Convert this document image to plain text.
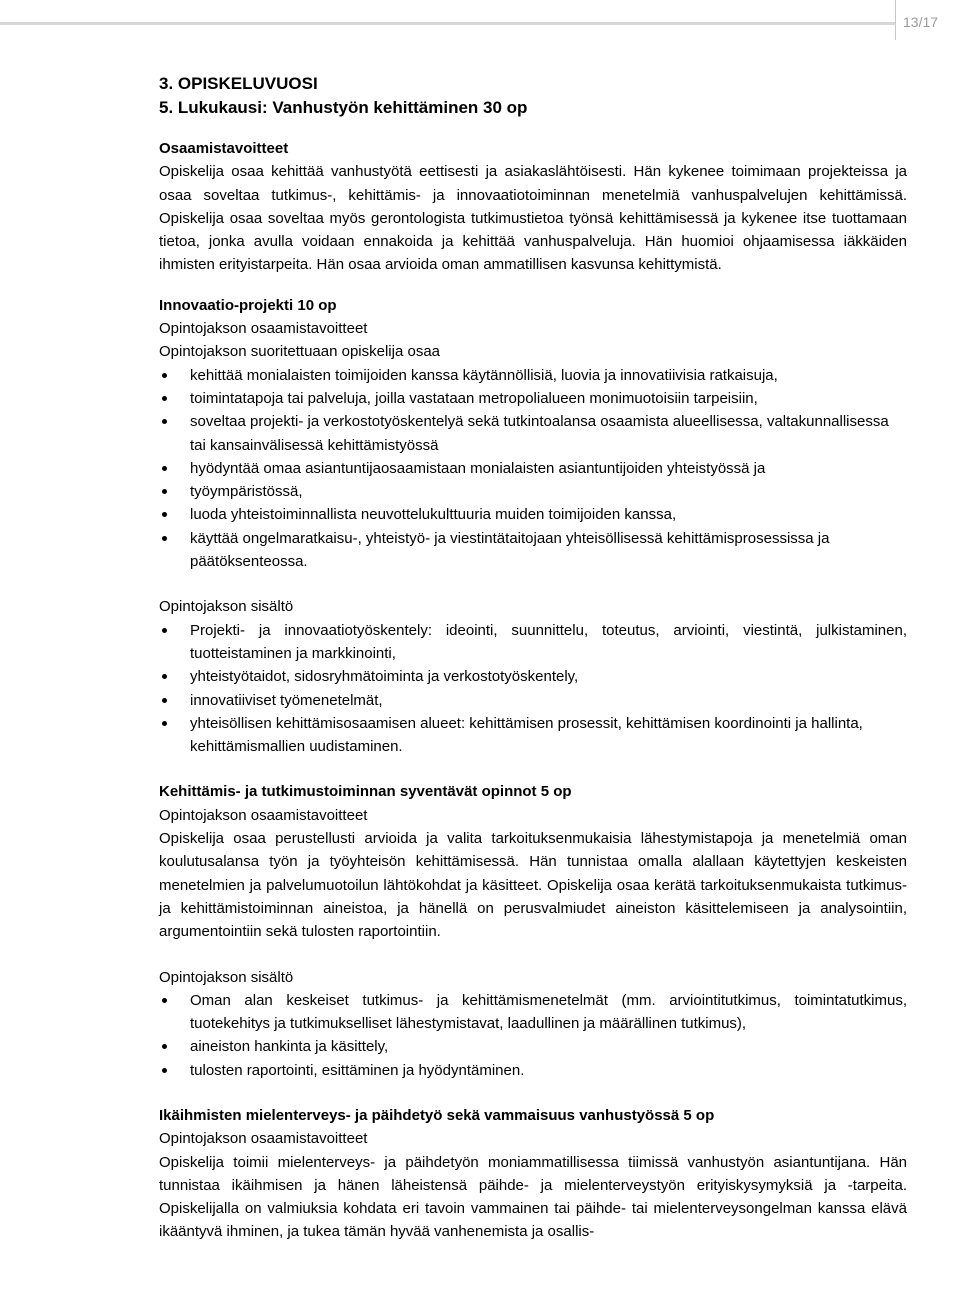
13/17

3. OPISKELUVUOSI

5. Lukukausi: Vanhustyön kehittäminen 30 op

Osaamistavoitteet

Opiskelija osaa kehittää vanhustyötä eettisesti ja asiakaslähtöisesti. Hän kykenee toimimaan projekteissa ja osaa soveltaa tutkimus-, kehittämis- ja innovaatiotoiminnan menetelmiä vanhuspalvelujen kehittämissä. Opiskelija osaa soveltaa myös gerontologista tutkimustietoa työnsä kehittämisessä ja kykenee itse tuottamaan tietoa, jonka avulla voidaan ennakoida ja kehittää vanhuspalveluja. Hän huomioi ohjaamisessa iäkkäiden ihmisten erityistarpeita. Hän osaa arvioida oman ammatillisen kasvunsa kehittymistä.

Innovaatio-projekti 10 op

Opintojakson osaamistavoitteet

Opintojakson suoritettuaan opiskelija osaa

kehittää monialaisten toimijoiden kanssa käytännöllisiä, luovia ja innovatiivisia ratkaisuja,
toimintatapoja tai palveluja, joilla vastataan metropolialueen monimuotoisiin tarpeisiin,
soveltaa projekti- ja verkostotyöskentelyä sekä tutkintoalansa osaamista alueellisessa, valtakunnallisessa tai kansainvälisessä kehittämistyössä
hyödyntää omaa asiantuntijaosaamistaan monialaisten asiantuntijoiden yhteistyössä ja
työympäristössä,
luoda yhteistoiminnallista neuvottelukulttuuria muiden toimijoiden kanssa,
käyttää ongelmaratkaisu-, yhteistyö- ja viestintätaitojaan yhteisöllisessä kehittämisprosessissa ja päätöksenteossa.

Opintojakson sisältö

Projekti- ja innovaatiotyöskentely: ideointi, suunnittelu, toteutus, arviointi, viestintä, julkistaminen, tuotteistaminen ja markkinointi,
yhteistyötaidot, sidosryhmätoiminta ja verkostotyöskentely,
innovatiiviset työmenetelmät,
yhteisöllisen kehittämisosaamisen alueet: kehittämisen prosessit, kehittämisen koordinointi ja hallinta, kehittämismallien uudistaminen.

Kehittämis- ja tutkimustoiminnan syventävät opinnot 5 op

Opintojakson osaamistavoitteet

Opiskelija osaa perustellusti arvioida ja valita tarkoituksenmukaisia lähestymistapoja ja menetelmiä oman koulutusalansa työn ja työyhteisön kehittämisessä. Hän tunnistaa omalla alallaan käytettyjen keskeisten menetelmien ja palvelumuotoilun lähtökohdat ja käsitteet. Opiskelija osaa kerätä tarkoituksenmukaista tutkimus- ja kehittämistoiminnan aineistoa, ja hänellä on perusvalmiudet aineiston käsittelemiseen ja analysointiin, argumentointiin sekä tulosten raportointiin.

Opintojakson sisältö

Oman alan keskeiset tutkimus- ja kehittämismenetelmät (mm. arviointitutkimus, toimintatutkimus, tuotekehitys ja tutkimukselliset lähestymistavat, laadullinen ja määrällinen tutkimus),
aineiston hankinta ja käsittely,
tulosten raportointi, esittäminen ja hyödyntäminen.

Ikäihmisten mielenterveys- ja päihdetyö sekä vammaisuus vanhustyössä 5 op

Opintojakson osaamistavoitteet

Opiskelija toimii mielenterveys- ja päihdetyön moniammatillisessa tiimissä vanhustyön asiantuntijana. Hän tunnistaa ikäihmisen ja hänen läheistensä päihde- ja mielenterveystyön erityiskysymyksiä ja -tarpeita. Opiskelijalla on valmiuksia kohdata eri tavoin vammainen tai päihde- tai mielenterveysongelman kanssa elävä ikääntyvä ihminen, ja tukea tämän hyvää vanhenemista ja osallis-
